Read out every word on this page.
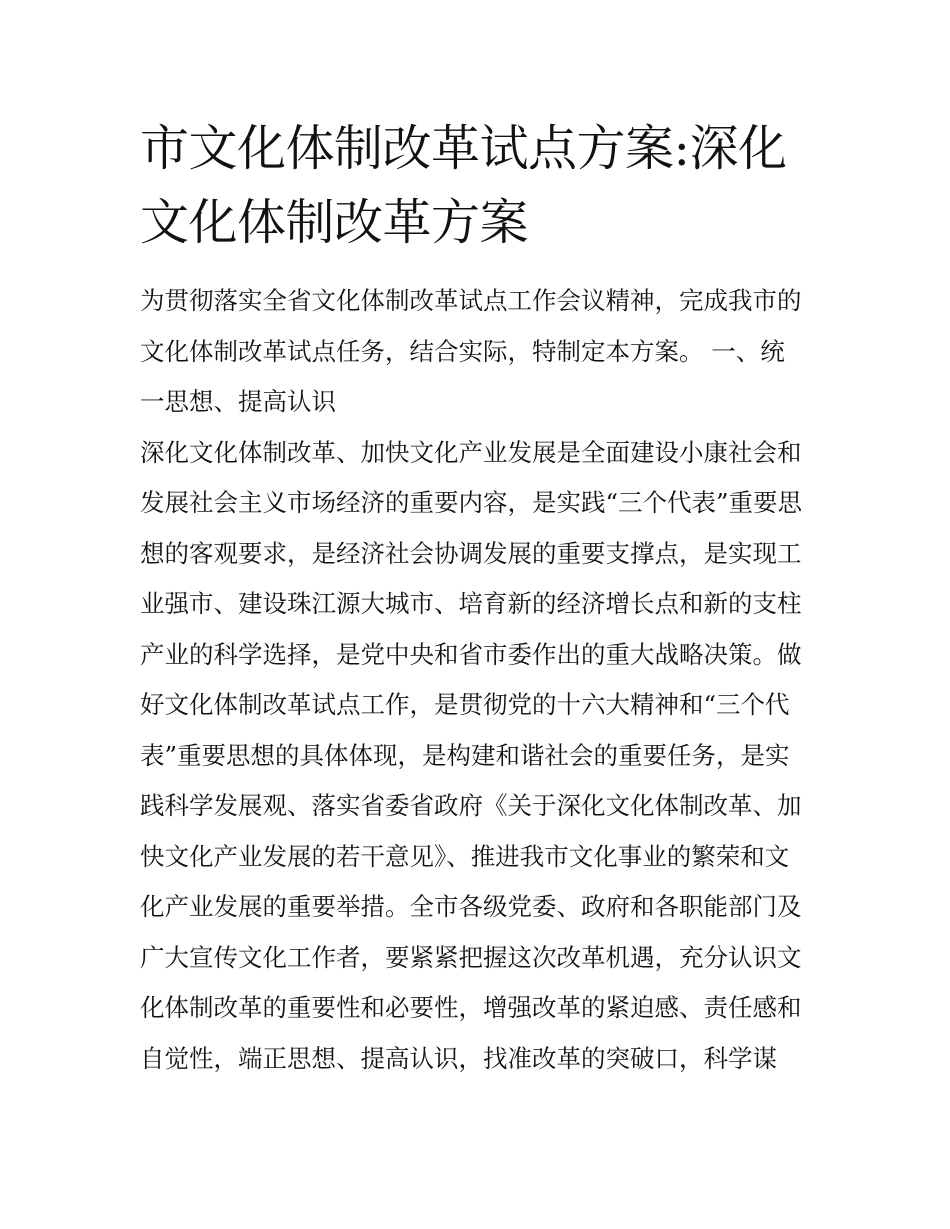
市文化体制改革试点方案:深化
文化体制改革方案
为贯彻落实全省文化体制改革试点工作会议精神，完成我市的
文化体制改革试点任务，结合实际，特制定本方案。 一、统
一思想、提高认识
深化文化体制改革、加快文化产业发展是全面建设小康社会和
发展社会主义市场经济的重要内容，是实践“三个代表”重要思
想的客观要求，是经济社会协调发展的重要支撑点，是实现工
业强市、建设珠江源大城市、培育新的经济增长点和新的支柱
产业的科学选择，是党中央和省市委作出的重大战略决策。做
好文化体制改革试点工作，是贯彻党的十六大精神和“三个代
表”重要思想的具体体现，是构建和谐社会的重要任务，是实
践科学发展观、落实省委省政府《关于深化文化体制改革、加
快文化产业发展的若干意见》、推进我市文化事业的繁荣和文
化产业发展的重要举措。全市各级党委、政府和各职能部门及
广大宣传文化工作者，要紧紧把握这次改革机遇，充分认识文
化体制改革的重要性和必要性，增强改革的紧迫感、责任感和
自觉性，端正思想、提高认识，找准改革的突破口，科学谋
